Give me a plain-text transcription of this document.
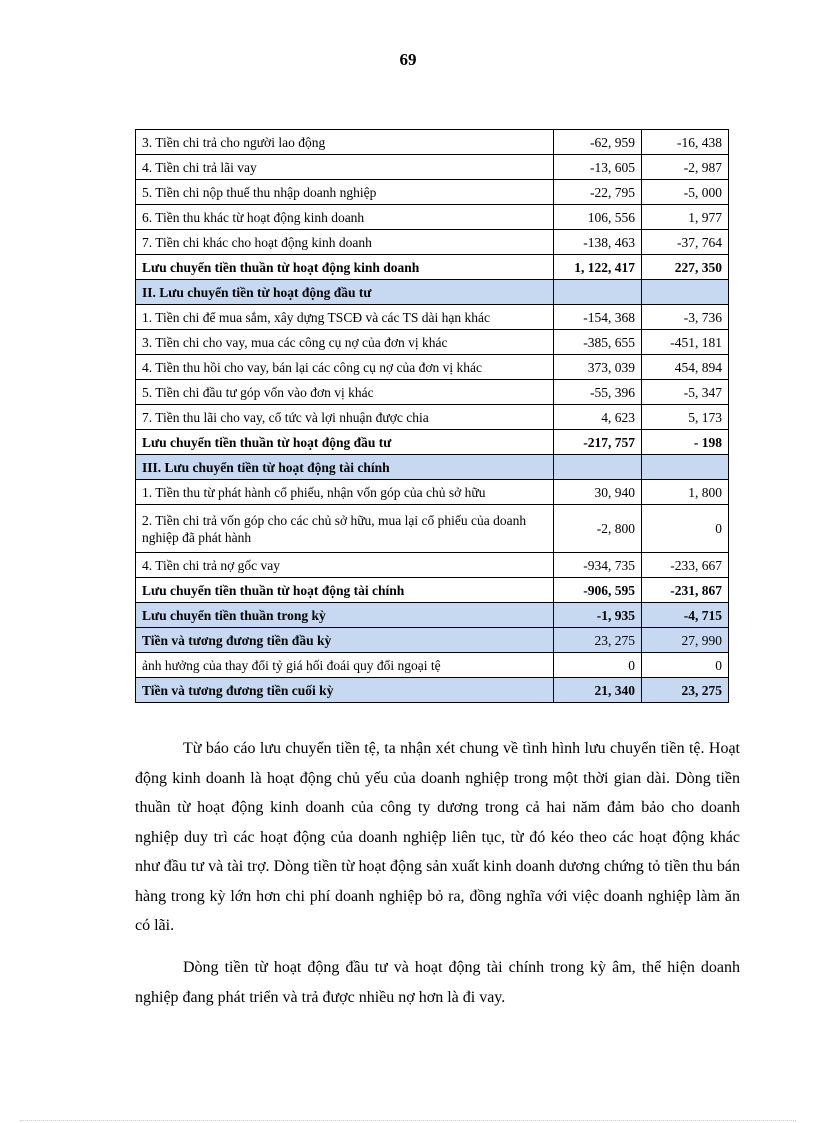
69
3. Tiền chi trả cho người lao động	-62, 959	-16, 438
4. Tiền chi trả lãi vay	-13, 605	-2, 987
5. Tiền chi nộp thuế thu nhập doanh nghiệp	-22, 795	-5, 000
6. Tiền thu khác từ hoạt động kinh doanh	106, 556	1, 977
7. Tiền chi khác cho hoạt động kinh doanh	-138, 463	-37, 764
Lưu chuyển tiền thuần từ hoạt động kinh doanh	1, 122, 417	227, 350
II. Lưu chuyển tiền từ hoạt động đầu tư		
1. Tiền chi để mua sắm, xây dựng TSCĐ và các TS dài hạn khác	-154, 368	-3, 736
3. Tiền chi cho vay, mua các công cụ nợ của đơn vị khác	-385, 655	-451, 181
4. Tiền thu hồi cho vay, bán lại các công cụ nợ của đơn vị khác	373, 039	454, 894
5. Tiền chi đầu tư góp vốn vào đơn vị khác	-55, 396	-5, 347
7. Tiền thu lãi cho vay, cổ tức và lợi nhuận được chia	4, 623	5, 173
Lưu chuyển tiền thuần từ hoạt động đầu tư	-217, 757	- 198
III. Lưu chuyển tiền từ hoạt động tài chính		
1. Tiền thu từ phát hành cổ phiếu, nhận vốn góp của chủ sở hữu	30, 940	1, 800
2. Tiền chi trả vốn góp cho các chủ sở hữu, mua lại cổ phiếu của doanh nghiệp đã phát hành	-2, 800	0
4. Tiền chi trả nợ gốc vay	-934, 735	-233, 667
Lưu chuyển tiền thuần từ hoạt động tài chính	-906, 595	-231, 867
Lưu chuyển tiền thuần trong kỳ	-1, 935	-4, 715
Tiền và tương đương tiền đầu kỳ	23, 275	27, 990
ảnh hưởng của thay đổi tỷ giá hối đoái quy đổi ngoại tệ	0	0
Tiền và tương đương tiền cuối kỳ	21, 340	23, 275

Từ báo cáo lưu chuyển tiền tệ, ta nhận xét chung về tình hình lưu chuyển tiền tệ. Hoạt động kinh doanh là hoạt động chủ yếu của doanh nghiệp trong một thời gian dài. Dòng tiền thuần từ hoạt động kinh doanh của công ty dương trong cả hai năm đảm bảo cho doanh nghiệp duy trì các hoạt động của doanh nghiệp liên tục, từ đó kéo theo các hoạt động khác như đầu tư và tài trợ. Dòng tiền từ hoạt động sản xuất kinh doanh dương chứng tỏ tiền thu bán hàng trong kỳ lớn hơn chi phí doanh nghiệp bỏ ra, đồng nghĩa với việc doanh nghiệp làm ăn có lãi.

Dòng tiền từ hoạt động đầu tư và hoạt động tài chính trong kỳ âm, thể hiện doanh nghiệp đang phát triển và trả được nhiều nợ hơn là đi vay.
